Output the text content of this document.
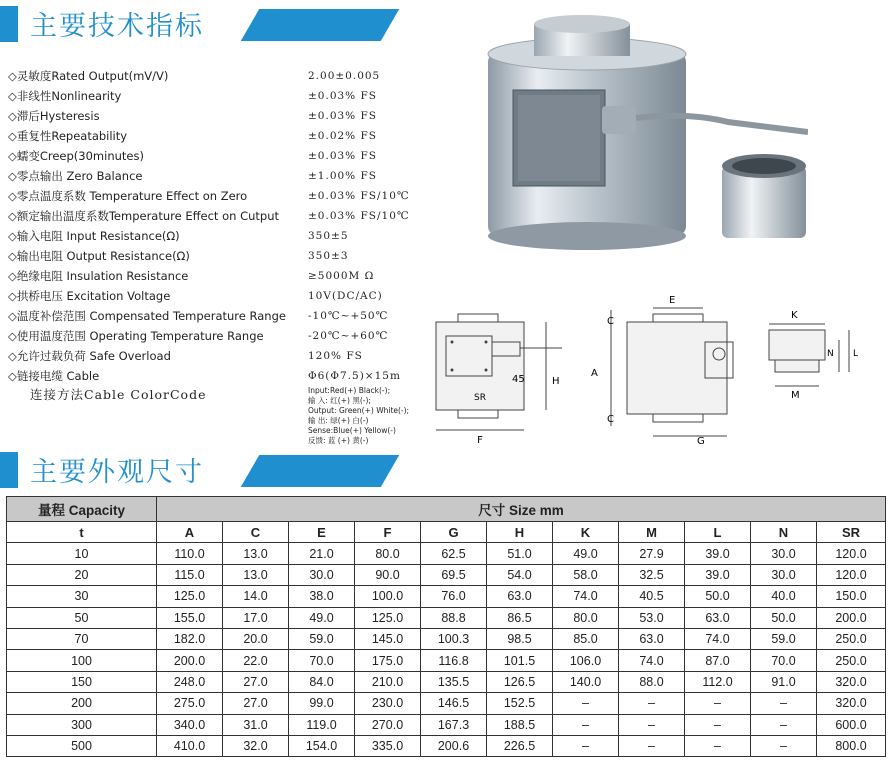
主要技术指标
◇灵敏度Rated Output(mV/V)	2.00±0.005
◇非线性Nonlinearity	±0.03% FS
◇滞后Hysteresis	±0.03% FS
◇重复性Repeatability	±0.02% FS
◇蠕变Creep(30minutes)	±0.03% FS
◇零点输出 Zero Balance	±1.00% FS
◇零点温度系数 Temperature Effect on Zero	±0.03% FS/10℃
◇额定输出温度系数Temperature Effect on Cutput	±0.03% FS/10℃
◇输入电阻 Input Resistance(Ω)	350±5
◇输出电阻 Output Resistance(Ω)	350±3
◇绝缘电阻 Insulation Resistance	≥5000M Ω
◇拱桥电压 Excitation Voltage	10V(DC/AC)
◇温度补偿范围 Compensated Temperature Range -10℃~+50℃
◇使用温度范围 Operating Temperature Range	-20℃~+60℃
◇允许过载负荷 Safe Overload	120% FS
◇链接电缆 Cable	Φ6(Φ7.5)×15m
连接方法Cable ColorCode	Input:Red(+) Black(-);
输 入: 红(+) 黑(-);
Output: Green(+) White(-);
输 出: 绿(+) 白(-)
Sense:Blue(+) Yellow(-)
反馈: 蓝 (+) 黄(-)	F
45	H
SR
E
A
C
C
G
K
N L
M
主要外观尺寸
量程 Capacity	尺寸 Size mm										
t	A	C	E	F	G	H	K	M	L	N	SR
10	110.0	13.0	21.0	80.0	62.5	51.0	49.0	27.9	39.0	30.0	120.0
20	115.0	13.0	30.0	90.0	69.5	54.0	58.0	32.5	39.0	30.0	120.0
30	125.0	14.0	38.0	100.0	76.0	63.0	74.0	40.5	50.0	40.0	150.0
50	155.0	17.0	49.0	125.0	88.8	86.5	80.0	53.0	63.0	50.0	200.0
70	182.0	20.0	59.0	145.0	100.3	98.5	85.0	63.0	74.0	59.0	250.0
100	200.0	22.0	70.0	175.0	116.8	101.5	106.0	74.0	87.0	70.0	250.0
150	248.0	27.0	84.0	210.0	135.5	126.5	140.0	88.0	112.0	91.0	320.0
200	275.0	27.0	99.0	230.0	146.5	152.5	–	–	–	–	320.0
300	340.0	31.0	119.0	270.0	167.3	188.5	–	–	–	–	600.0
500	410.0	32.0	154.0	335.0	200.6	226.5	–	–	–	–	800.0
